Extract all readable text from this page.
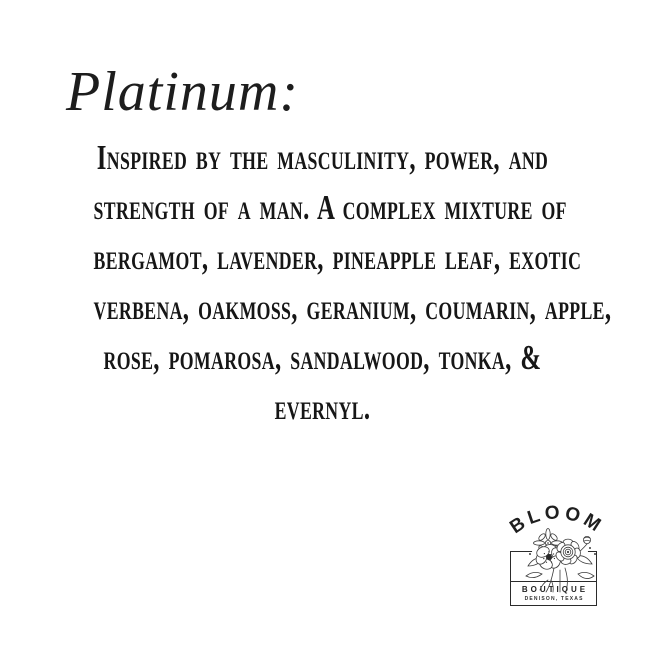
Platinum:
Inspired by the masculinity, power, and
strength of a man. A complex mixture of
bergamot, lavender, pineapple leaf, exotic
verbena, oakmoss, geranium, coumarin, apple,
rose, pomarosa, sandalwood, tonka, &
evernyl.
BOUTIQUE
DENISON, TEXAS
BLOOM
